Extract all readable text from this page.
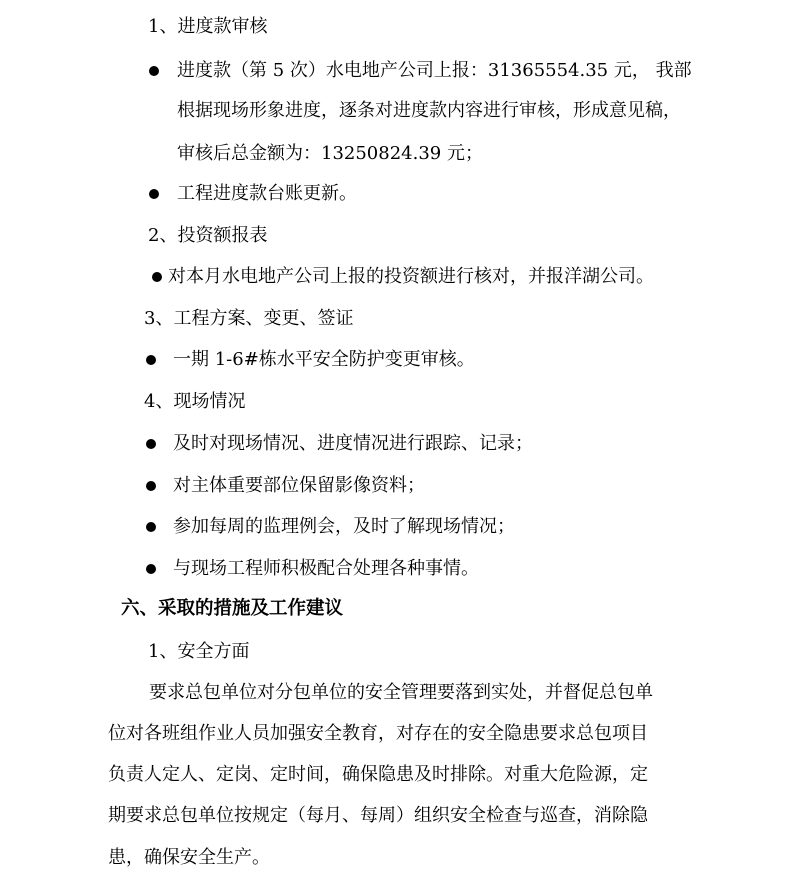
1、进度款审核
进度款（第 5 次）水电地产公司上报：31365554.35 元， 我部
根据现场形象进度，逐条对进度款内容进行审核，形成意见稿，
审核后总金额为：13250824.39 元；
工程进度款台账更新。
2、投资额报表
对本月水电地产公司上报的投资额进行核对，并报洋湖公司。
3、工程方案、变更、签证
一期 1-6#栋水平安全防护变更审核。
4、现场情况
及时对现场情况、进度情况进行跟踪、记录；
对主体重要部位保留影像资料；
参加每周的监理例会，及时了解现场情况；
与现场工程师积极配合处理各种事情。
六、采取的措施及工作建议
1、安全方面
要求总包单位对分包单位的安全管理要落到实处，并督促总包单
位对各班组作业人员加强安全教育，对存在的安全隐患要求总包项目
负责人定人、定岗、定时间，确保隐患及时排除。对重大危险源，定
期要求总包单位按规定（每月、每周）组织安全检查与巡查，消除隐
患，确保安全生产。
